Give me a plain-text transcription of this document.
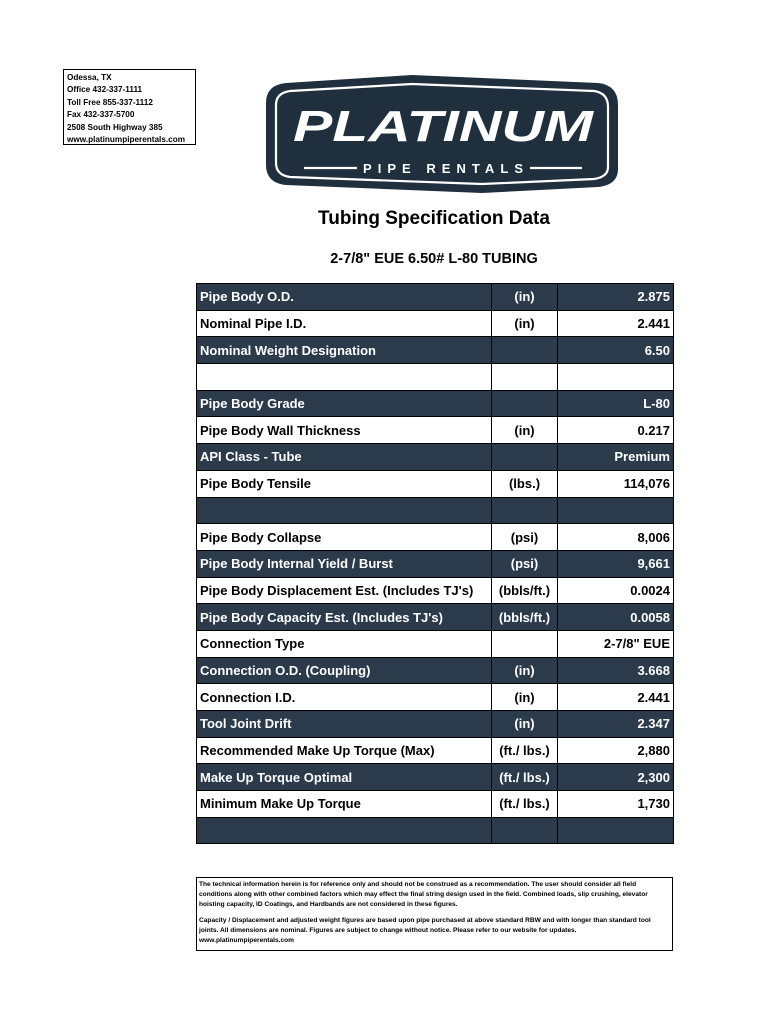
Odessa, TX
Office 432-337-1111
Toll Free 855-337-1112
Fax 432-337-5700
2508 South Highway 385
www.platinumpiperentals.com PLATINUM
PIPE RENTALS
Tubing Specification Data
2-7/8" EUE 6.50# L-80 TUBING
Pipe Body O.D.	(in)	2.875
Nominal Pipe I.D.	(in)	2.441
Nominal Weight Designation		6.50

Pipe Body Grade		L-80
Pipe Body Wall Thickness	(in)	0.217
API Class - Tube		Premium
Pipe Body Tensile	(lbs.)	114,076

Pipe Body Collapse	(psi)	8,006
Pipe Body Internal Yield / Burst	(psi)	9,661
Pipe Body Displacement Est. (Includes TJ's)	(bbls/ft.)	0.0024
Pipe Body Capacity Est. (Includes TJ's)	(bbls/ft.)	0.0058
Connection Type		2-7/8" EUE
Connection O.D. (Coupling)	(in)	3.668
Connection I.D.	(in)	2.441
Tool Joint Drift	(in)	2.347
Recommended Make Up Torque (Max)	(ft./ lbs.)	2,880
Make Up Torque Optimal	(ft./ lbs.)	2,300
Minimum Make Up Torque	(ft./ lbs.)	1,730

The technical information herein is for reference only and should not be construed as a recommendation. The user should consider all field conditions along with other combined factors which may effect the final string design used in the field. Combined loads, slip crushing, elevator hoisting capacity, ID Coatings, and Hardbands are not considered in these figures.

Capacity / Displacement and adjusted weight figures are based upon pipe purchased at above standard RBW and with longer than standard tool joints. All dimensions are nominal. Figures are subject to change without notice. Please refer to our website for updates.
www.platinumpiperentals.com
